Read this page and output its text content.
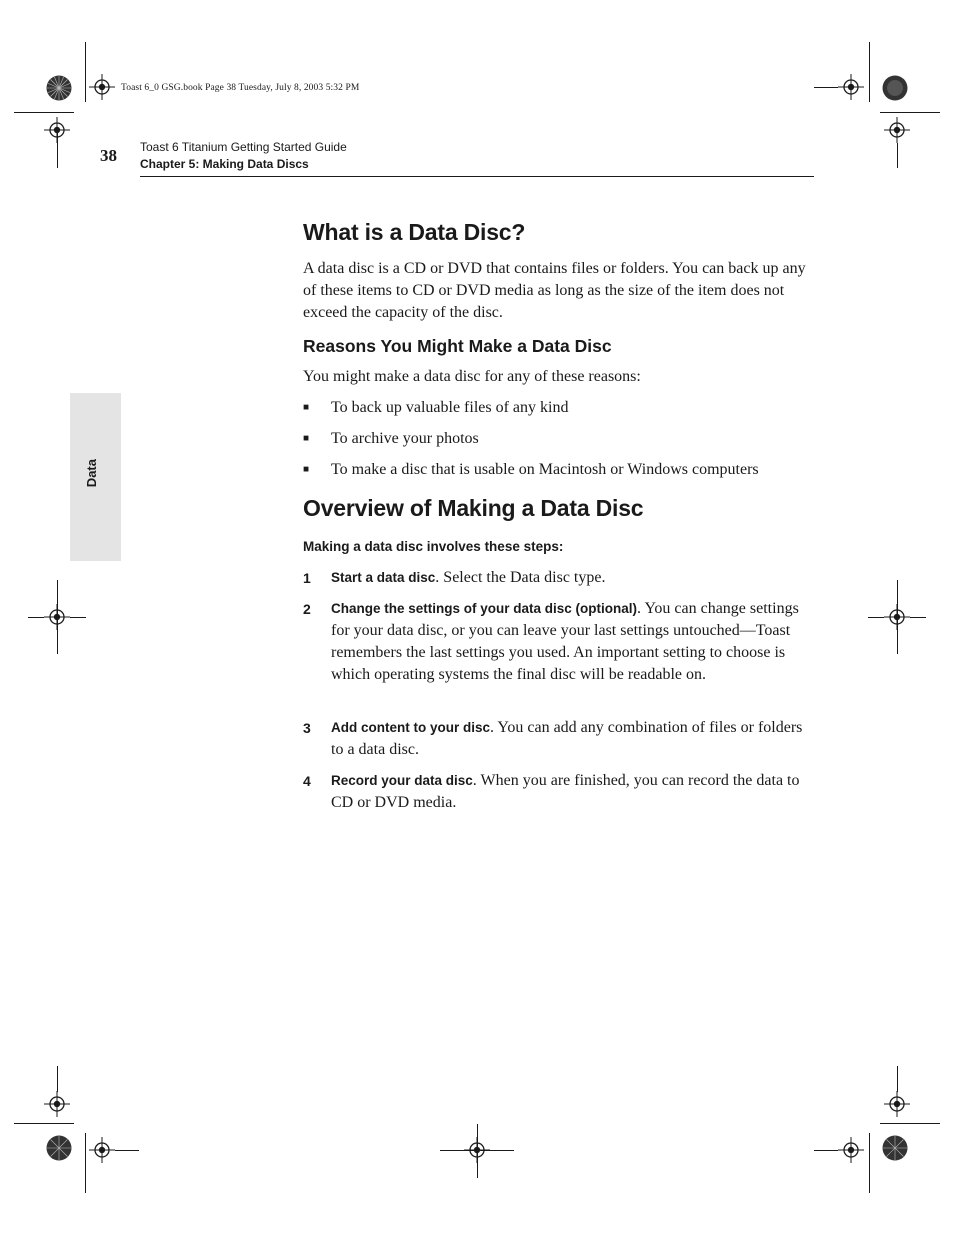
Toast 6_0 GSG.book Page 38 Tuesday, July 8, 2003 5:32 PM
38 Toast 6 Titanium Getting Started Guide
Chapter 5: Making Data Discs
Data
What is a Data Disc?

A data disc is a CD or DVD that contains files or folders. You can back up any of these items to CD or DVD media as long as the size of the item does not exceed the capacity of the disc.

Reasons You Might Make a Data Disc

You might make a data disc for any of these reasons:

■ To back up valuable files of any kind
■ To archive your photos
■ To make a disc that is usable on Macintosh or Windows computers
Overview of Making a Data Disc
Making a data disc involves these steps:
1 Start a data disc. Select the Data disc type.
2 Change the settings of your data disc (optional). You can change settings for your data disc, or you can leave your last settings untouched—Toast remembers the last settings you used. An important setting to choose is which operating systems the final disc will be readable on.
3 Add content to your disc. You can add any combination of files or folders to a data disc.
4 Record your data disc. When you are finished, you can record the data to CD or DVD media.
